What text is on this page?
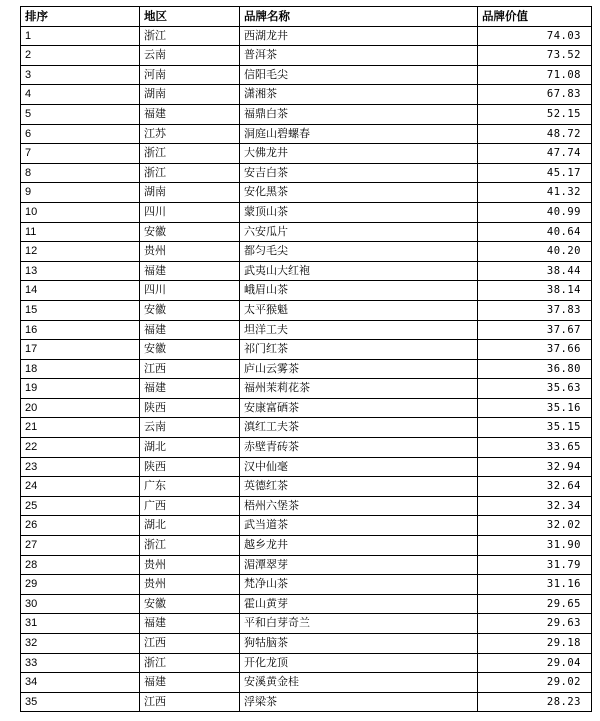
排序	地区	品牌名称	品牌价值
1	浙江	西湖龙井	74.03
2	云南	普洱茶	73.52
3	河南	信阳毛尖	71.08
4	湖南	潇湘茶	67.83
5	福建	福鼎白茶	52.15
6	江苏	洞庭山碧螺春	48.72
7	浙江	大佛龙井	47.74
8	浙江	安吉白茶	45.17
9	湖南	安化黑茶	41.32
10	四川	蒙顶山茶	40.99
11	安徽	六安瓜片	40.64
12	贵州	都匀毛尖	40.20
13	福建	武夷山大红袍	38.44
14	四川	峨眉山茶	38.14
15	安徽	太平猴魁	37.83
16	福建	坦洋工夫	37.67
17	安徽	祁门红茶	37.66
18	江西	庐山云雾茶	36.80
19	福建	福州茉莉花茶	35.63
20	陕西	安康富硒茶	35.16
21	云南	滇红工夫茶	35.15
22	湖北	赤壁青砖茶	33.65
23	陕西	汉中仙毫	32.94
24	广东	英德红茶	32.64
25	广西	梧州六堡茶	32.34
26	湖北	武当道茶	32.02
27	浙江	越乡龙井	31.90
28	贵州	湄潭翠芽	31.79
29	贵州	梵净山茶	31.16
30	安徽	霍山黄芽	29.65
31	福建	平和白芽奇兰	29.63
32	江西	狗牯脑茶	29.18
33	浙江	开化龙顶	29.04
34	福建	安溪黄金桂	29.02
35	江西	浮梁茶	28.23
